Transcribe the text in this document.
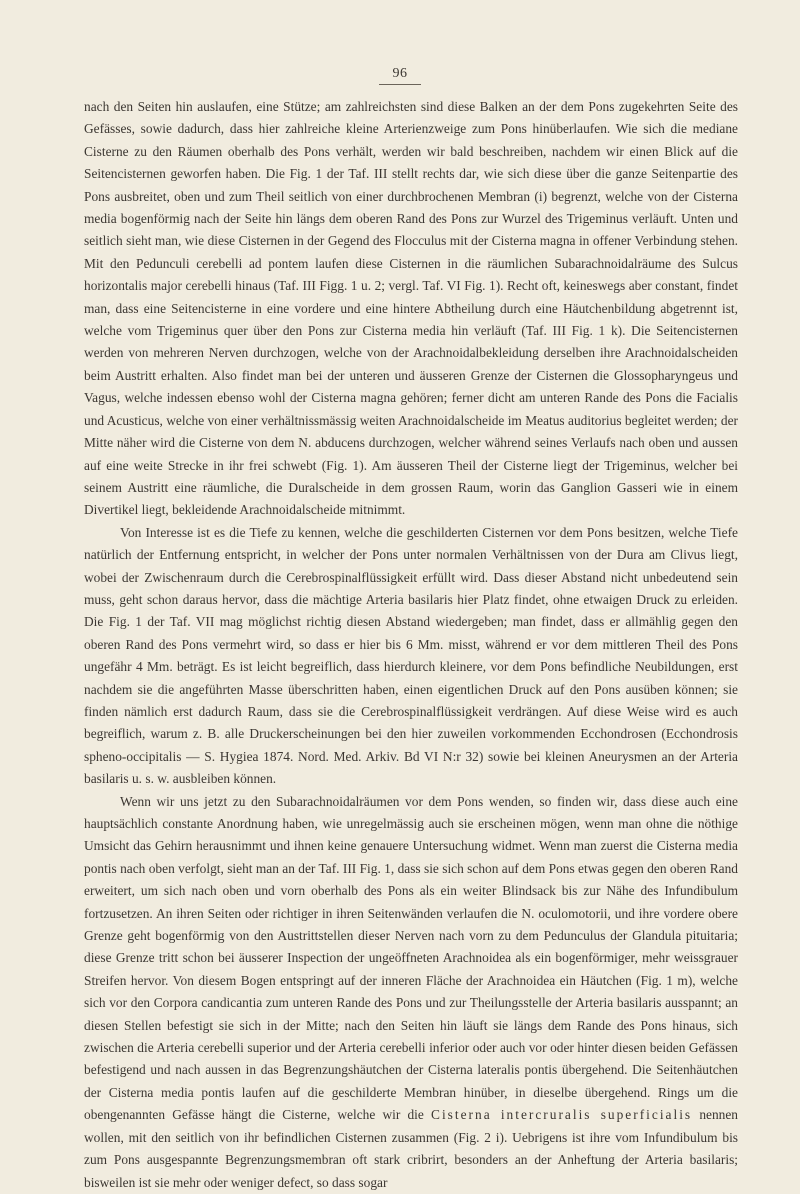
96

nach den Seiten hin auslaufen, eine Stütze; am zahlreichsten sind diese Balken an der dem Pons zugekehrten Seite des Gefässes, sowie dadurch, dass hier zahlreiche kleine Arterienzweige zum Pons hinüberlaufen. Wie sich die mediane Cisterne zu den Räumen oberhalb des Pons verhält, werden wir bald beschreiben, nachdem wir einen Blick auf die Seitencisternen geworfen haben. Die Fig. 1 der Taf. III stellt rechts dar, wie sich diese über die ganze Seitenpartie des Pons ausbreitet, oben und zum Theil seitlich von einer durchbrochenen Membran (i) begrenzt, welche von der Cisterna media bogenförmig nach der Seite hin längs dem oberen Rand des Pons zur Wurzel des Trigeminus verläuft. Unten und seitlich sieht man, wie diese Cisternen in der Gegend des Flocculus mit der Cisterna magna in offener Verbindung stehen. Mit den Pedunculi cerebelli ad pontem laufen diese Cisternen in die räumlichen Subarachnoidalräume des Sulcus horizontalis major cerebelli hinaus (Taf. III Figg. 1 u. 2; vergl. Taf. VI Fig. 1). Recht oft, keineswegs aber constant, findet man, dass eine Seitencisterne in eine vordere und eine hintere Abtheilung durch eine Häutchenbildung abgetrennt ist, welche vom Trigeminus quer über den Pons zur Cisterna media hin verläuft (Taf. III Fig. 1 k). Die Seitencisternen werden von mehreren Nerven durchzogen, welche von der Arachnoidalbekleidung derselben ihre Arachnoidalscheiden beim Austritt erhalten. Also findet man bei der unteren und äusseren Grenze der Cisternen die Glossopharyngeus und Vagus, welche indessen ebenso wohl der Cisterna magna gehören; ferner dicht am unteren Rande des Pons die Facialis und Acusticus, welche von einer verhältnissmässig weiten Arachnoidalscheide im Meatus auditorius begleitet werden; der Mitte näher wird die Cisterne von dem N. abducens durchzogen, welcher während seines Verlaufs nach oben und aussen auf eine weite Strecke in ihr frei schwebt (Fig. 1). Am äusseren Theil der Cisterne liegt der Trigeminus, welcher bei seinem Austritt eine räumliche, die Duralscheide in dem grossen Raum, worin das Ganglion Gasseri wie in einem Divertikel liegt, bekleidende Arachnoidalscheide mitnimmt.

Von Interesse ist es die Tiefe zu kennen, welche die geschilderten Cisternen vor dem Pons besitzen, welche Tiefe natürlich der Entfernung entspricht, in welcher der Pons unter normalen Verhältnissen von der Dura am Clivus liegt, wobei der Zwischenraum durch die Cerebrospinalflüssigkeit erfüllt wird. Dass dieser Abstand nicht unbedeutend sein muss, geht schon daraus hervor, dass die mächtige Arteria basilaris hier Platz findet, ohne etwaigen Druck zu erleiden. Die Fig. 1 der Taf. VII mag möglichst richtig diesen Abstand wiedergeben; man findet, dass er allmählig gegen den oberen Rand des Pons vermehrt wird, so dass er hier bis 6 Mm. misst, während er vor dem mittleren Theil des Pons ungefähr 4 Mm. beträgt. Es ist leicht begreiflich, dass hierdurch kleinere, vor dem Pons befindliche Neubildungen, erst nachdem sie die angeführten Masse überschritten haben, einen eigentlichen Druck auf den Pons ausüben können; sie finden nämlich erst dadurch Raum, dass sie die Cerebrospinalflüssigkeit verdrängen. Auf diese Weise wird es auch begreiflich, warum z. B. alle Druckerscheinungen bei den hier zuweilen vorkommenden Ecchondrosen (Ecchondrosis spheno-occipitalis — S. Hygiea 1874. Nord. Med. Arkiv. Bd VI N:r 32) sowie bei kleinen Aneurysmen an der Arteria basilaris u. s. w. ausbleiben können.

Wenn wir uns jetzt zu den Subarachnoidalräumen vor dem Pons wenden, so finden wir, dass diese auch eine hauptsächlich constante Anordnung haben, wie unregelmässig auch sie erscheinen mögen, wenn man ohne die nöthige Umsicht das Gehirn herausnimmt und ihnen keine genauere Untersuchung widmet. Wenn man zuerst die Cisterna media pontis nach oben verfolgt, sieht man an der Taf. III Fig. 1, dass sie sich schon auf dem Pons etwas gegen den oberen Rand erweitert, um sich nach oben und vorn oberhalb des Pons als ein weiter Blindsack bis zur Nähe des Infundibulum fortzusetzen. An ihren Seiten oder richtiger in ihren Seitenwänden verlaufen die N. oculomotorii, und ihre vordere obere Grenze geht bogenförmig von den Austrittstellen dieser Nerven nach vorn zu dem Pedunculus der Glandula pituitaria; diese Grenze tritt schon bei äusserer Inspection der ungeöffneten Arachnoidea als ein bogenförmiger, mehr weissgrauer Streifen hervor. Von diesem Bogen entspringt auf der inneren Fläche der Arachnoidea ein Häutchen (Fig. 1 m), welche sich vor den Corpora candicantia zum unteren Rande des Pons und zur Theilungsstelle der Arteria basilaris ausspannt; an diesen Stellen befestigt sie sich in der Mitte; nach den Seiten hin läuft sie längs dem Rande des Pons hinaus, sich zwischen die Arteria cerebelli superior und der Arteria cerebelli inferior oder auch vor oder hinter diesen beiden Gefässen befestigend und nach aussen in das Begrenzungshäutchen der Cisterna lateralis pontis übergehend. Die Seitenhäutchen der Cisterna media pontis laufen auf die geschilderte Membran hinüber, in dieselbe übergehend. Rings um die obengenannten Gefässe hängt die Cisterne, welche wir die Cisterna intercruralis superficialis nennen wollen, mit den seitlich von ihr befindlichen Cisternen zusammen (Fig. 2 i). Uebrigens ist ihre vom Infundibulum bis zum Pons ausgespannte Begrenzungsmembran oft stark cribrirt, besonders an der Anheftung der Arteria basilaris; bisweilen ist sie mehr oder weniger defect, so dass sogar
